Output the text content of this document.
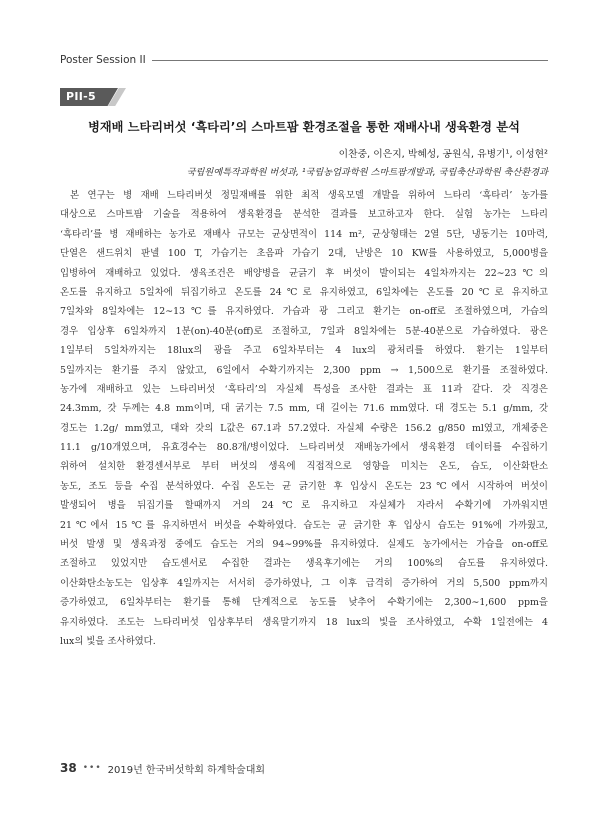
Poster Session II
PII-5
병재배 느타리버섯 ‘흑타리’의 스마트팜 환경조절을 통한 재배사내 생육환경 분석
이찬중, 이은지, 박혜성, 공원식, 유병기¹, 이성현²
국립원예특작과학원 버섯과, ¹국립농업과학원 스마트팜개발과, 국립축산과학원 축산환경과
본 연구는 병 재배 느타리버섯 정밀재배를 위한 최적 생육모델 개발을 위하여 느타리 ‘흑타리’ 농가를
대상으로 스마트팜 기술을 적용하여 생육환경을 분석한 결과를 보고하고자 한다. 실험 농가는 느타리
‘흑타리’를 병 재배하는 농가로 재배사 규모는 균상면적이 114 m², 균상형태는 2열 5단, 냉동기는 10마력,
단열은 샌드위치 판넬 100 T, 가습기는 초음파 가습기 2대, 난방은 10 KW를 사용하였고, 5,000병을
입병하여 재배하고 있었다. 생육조건은 배양병을 균긁기 후 버섯이 발이되는 4일차까지는 22∼23℃의
온도를 유지하고 5일차에 뒤집기하고 온도를 24℃로 유지하였고, 6일차에는 온도를 20℃로 유지하고
7일차와 8일차에는 12∼13℃를 유지하였다. 가습과 광 그리고 환기는 on-off로 조절하였으며, 가습의
경우 입상후 6일차까지 1분(on)-40분(off)로 조절하고, 7일과 8일차에는 5분-40분으로 가습하였다. 광은
1일부터 5일차까지는 18lux의 광을 주고 6일차부터는 4 lux의 광처리를 하였다. 환기는 1일부터
5일까지는 환기를 주지 않았고, 6일에서 수확기까지는 2,300 ppm → 1,500으로 환기를 조절하였다.
농가에 재배하고 있는 느타리버섯 ‘흑타리’의 자실체 특성을 조사한 결과는 표 11과 같다. 갓 직경은
24.3mm, 갓 두께는 4.8 mm이며, 대 굵기는 7.5 mm, 대 길이는 71.6 mm였다. 대 경도는 5.1 g/mm, 갓
경도는 1.2g/ mm였고, 대와 갓의 L값은 67.1과 57.2였다. 자실체 수량은 156.2 g/850 ml였고, 개체중은
11.1 g/10개였으며, 유효경수는 80.8개/병이었다. 느타리버섯 재배농가에서 생육환경 데이터를 수집하기
위하여 설치한 환경센서부로 부터 버섯의 생육에 직접적으로 영향을 미치는 온도, 습도, 이산화탄소
농도, 조도 등을 수집 분석하였다. 수집 온도는 균 긁기한 후 입상시 온도는 23℃에서 시작하여 버섯이
발생되어 병을 뒤집기를 할때까지 거의 24℃로 유지하고 자실체가 자라서 수확기에 가까워지면
21℃에서 15℃를 유지하면서 버섯을 수확하였다. 습도는 균 긁기한 후 입상시 습도는 91%에 가까웠고,
버섯 발생 및 생육과정 중에도 습도는 거의 94∼99%를 유지하였다. 실제도 농가에서는 가습을 on-off로
조절하고 있었지만 습도센서로 수집한 결과는 생육후기에는 거의 100%의 습도를 유지하였다.
이산화탄소농도는 입상후 4일까지는 서서히 증가하였나, 그 이후 급격히 증가하여 거의 5,500 ppm까지
증가하였고, 6일차부터는 환기를 통해 단계적으로 농도를 낮추어 수확기에는 2,300∼1,600 ppm을
유지하였다. 조도는 느타리버섯 입상후부터 생육말기까지 18 lux의 빛을 조사하였고, 수확 1일전에는 4
lux의 빛을 조사하였다.
38 ••• 2019년 한국버섯학회 하계학술대회
